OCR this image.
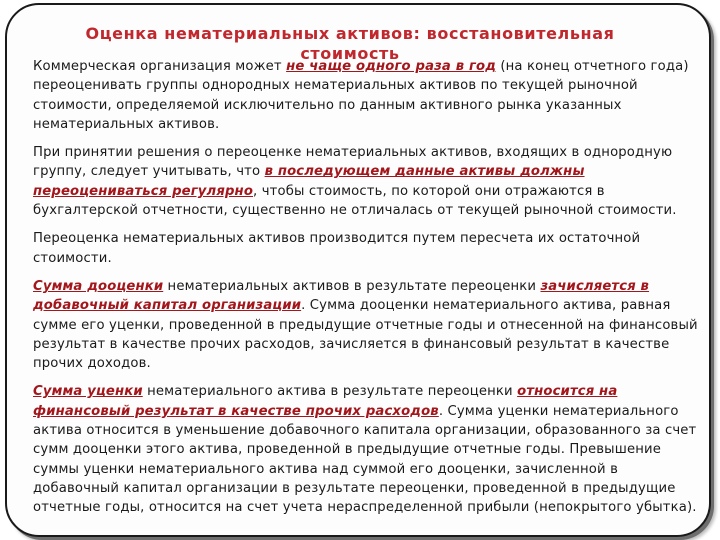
Оценка нематериальных активов: восстановительная
стоимость

Коммерческая организация может не чаще одного раза в год (на конец отчетного года) переоценивать группы однородных нематериальных активов по текущей рыночной стоимости, определяемой исключительно по данным активного рынка указанных нематериальных активов.

При принятии решения о переоценке нематериальных активов, входящих в однородную группу, следует учитывать, что в последующем данные активы должны переоцениваться регулярно, чтобы стоимость, по которой они отражаются в бухгалтерской отчетности, существенно не отличалась от текущей рыночной стоимости.

Переоценка нематериальных активов производится путем пересчета их остаточной стоимости.

Сумма дооценки нематериальных активов в результате переоценки зачисляется в добавочный капитал организации. Сумма дооценки нематериального актива, равная сумме его уценки, проведенной в предыдущие отчетные годы и отнесенной на финансовый результат в качестве прочих расходов, зачисляется в финансовый результат в качестве прочих доходов.

Сумма уценки нематериального актива в результате переоценки относится на финансовый результат в качестве прочих расходов. Сумма уценки нематериального актива относится в уменьшение добавочного капитала организации, образованного за счет сумм дооценки этого актива, проведенной в предыдущие отчетные годы. Превышение суммы уценки нематериального актива над суммой его дооценки, зачисленной в добавочный капитал организации в результате переоценки, проведенной в предыдущие отчетные годы, относится на счет учета нераспределенной прибыли (непокрытого убытка).
